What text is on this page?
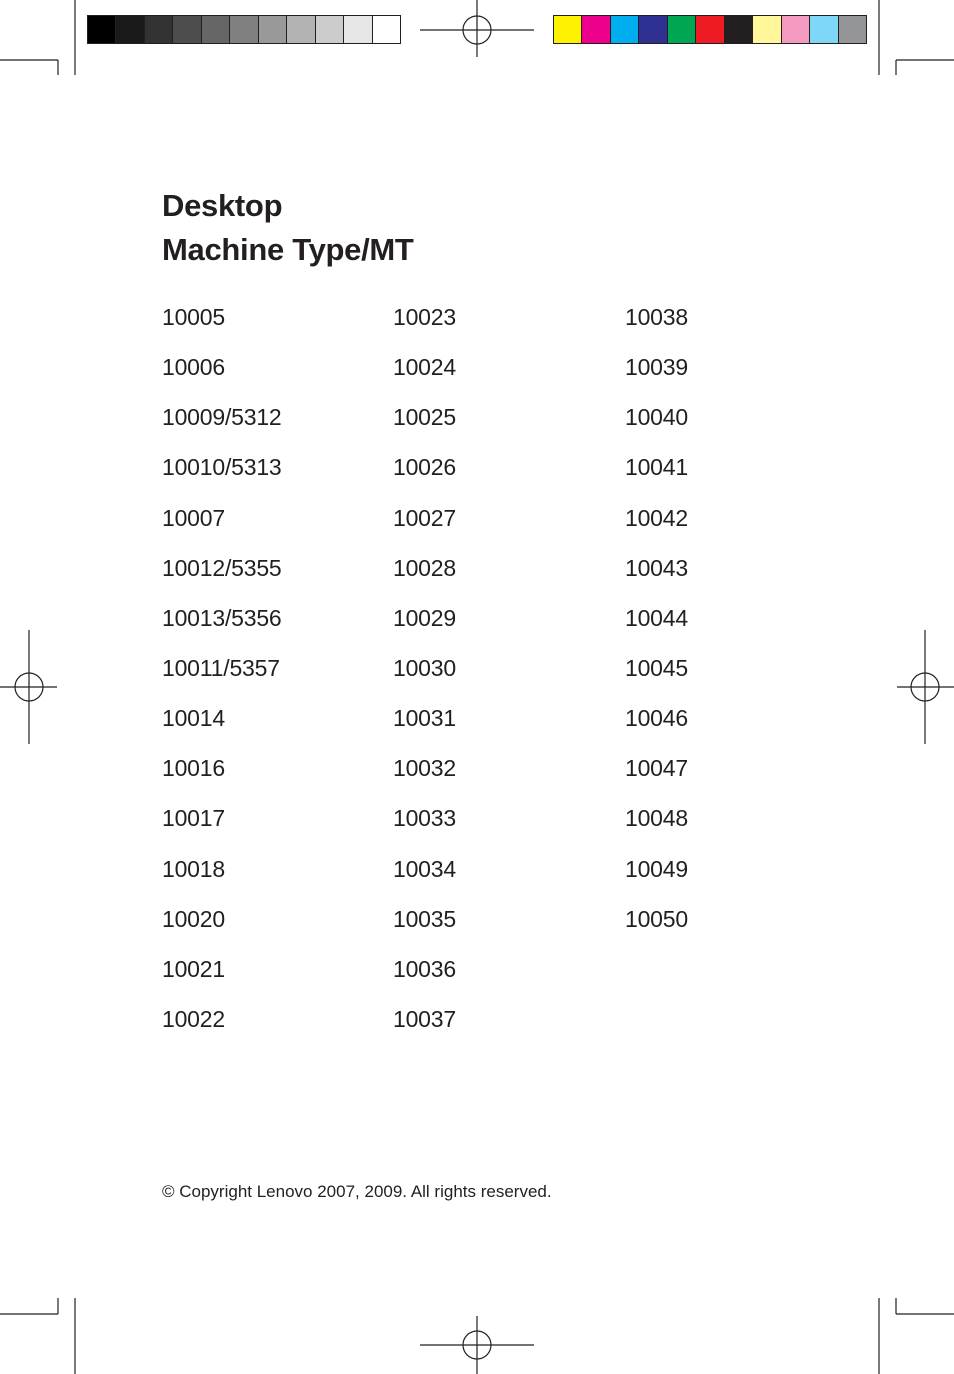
Desktop
Machine Type/MT
10005
10006
10009/5312
10010/5313
10007
10012/5355
10013/5356
10011/5357
10014
10016
10017
10018
10020
10021
10022
10023
10024
10025
10026
10027
10028
10029
10030
10031
10032
10033
10034
10035
10036
10037
10038
10039
10040
10041
10042
10043
10044
10045
10046
10047
10048
10049
10050
© Copyright Lenovo 2007, 2009. All rights reserved.
